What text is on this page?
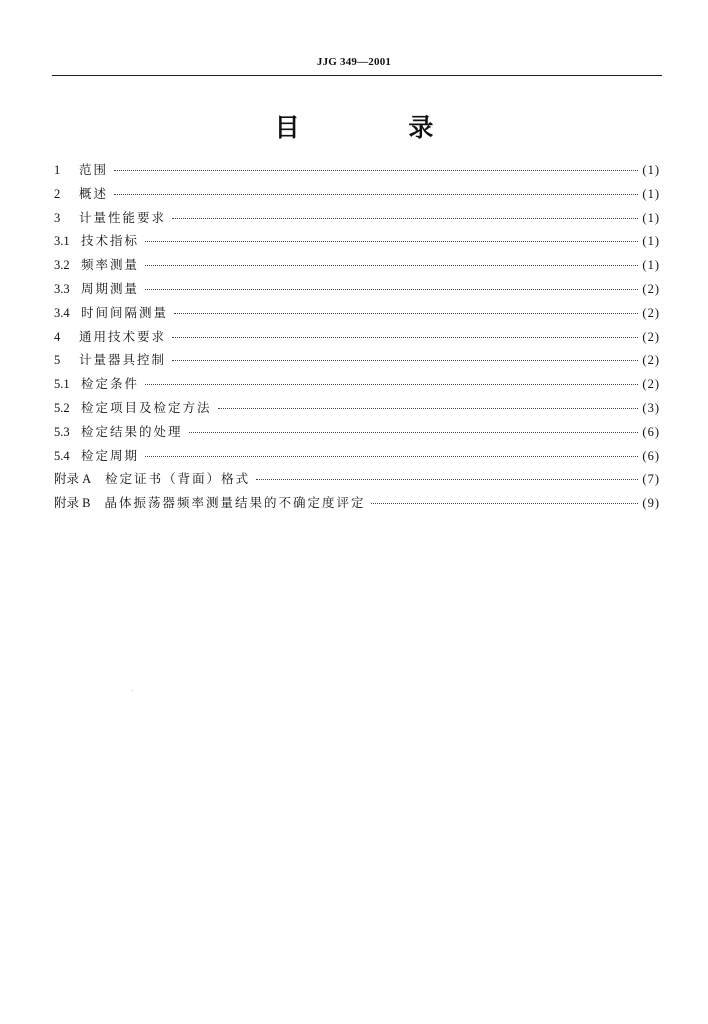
JJG 349—2001
目 录
1	范围	(1)
2	概述	(1)
3	计量性能要求	(1)
3.1 技术指标	(1)
3.2 频率测量	(1)
3.3 周期测量	(2)
3.4 时间间隔测量	(2)
4	通用技术要求	(2)
5	计量器具控制	(2)
5.1 检定条件	(2)
5.2 检定项目及检定方法	(3)
5.3 检定结果的处理	(6)
5.4 检定周期	(6)
附录 A	检定证书（背面）格式	(7)
附录 B	晶体振荡器频率测量结果的不确定度评定	(9)
